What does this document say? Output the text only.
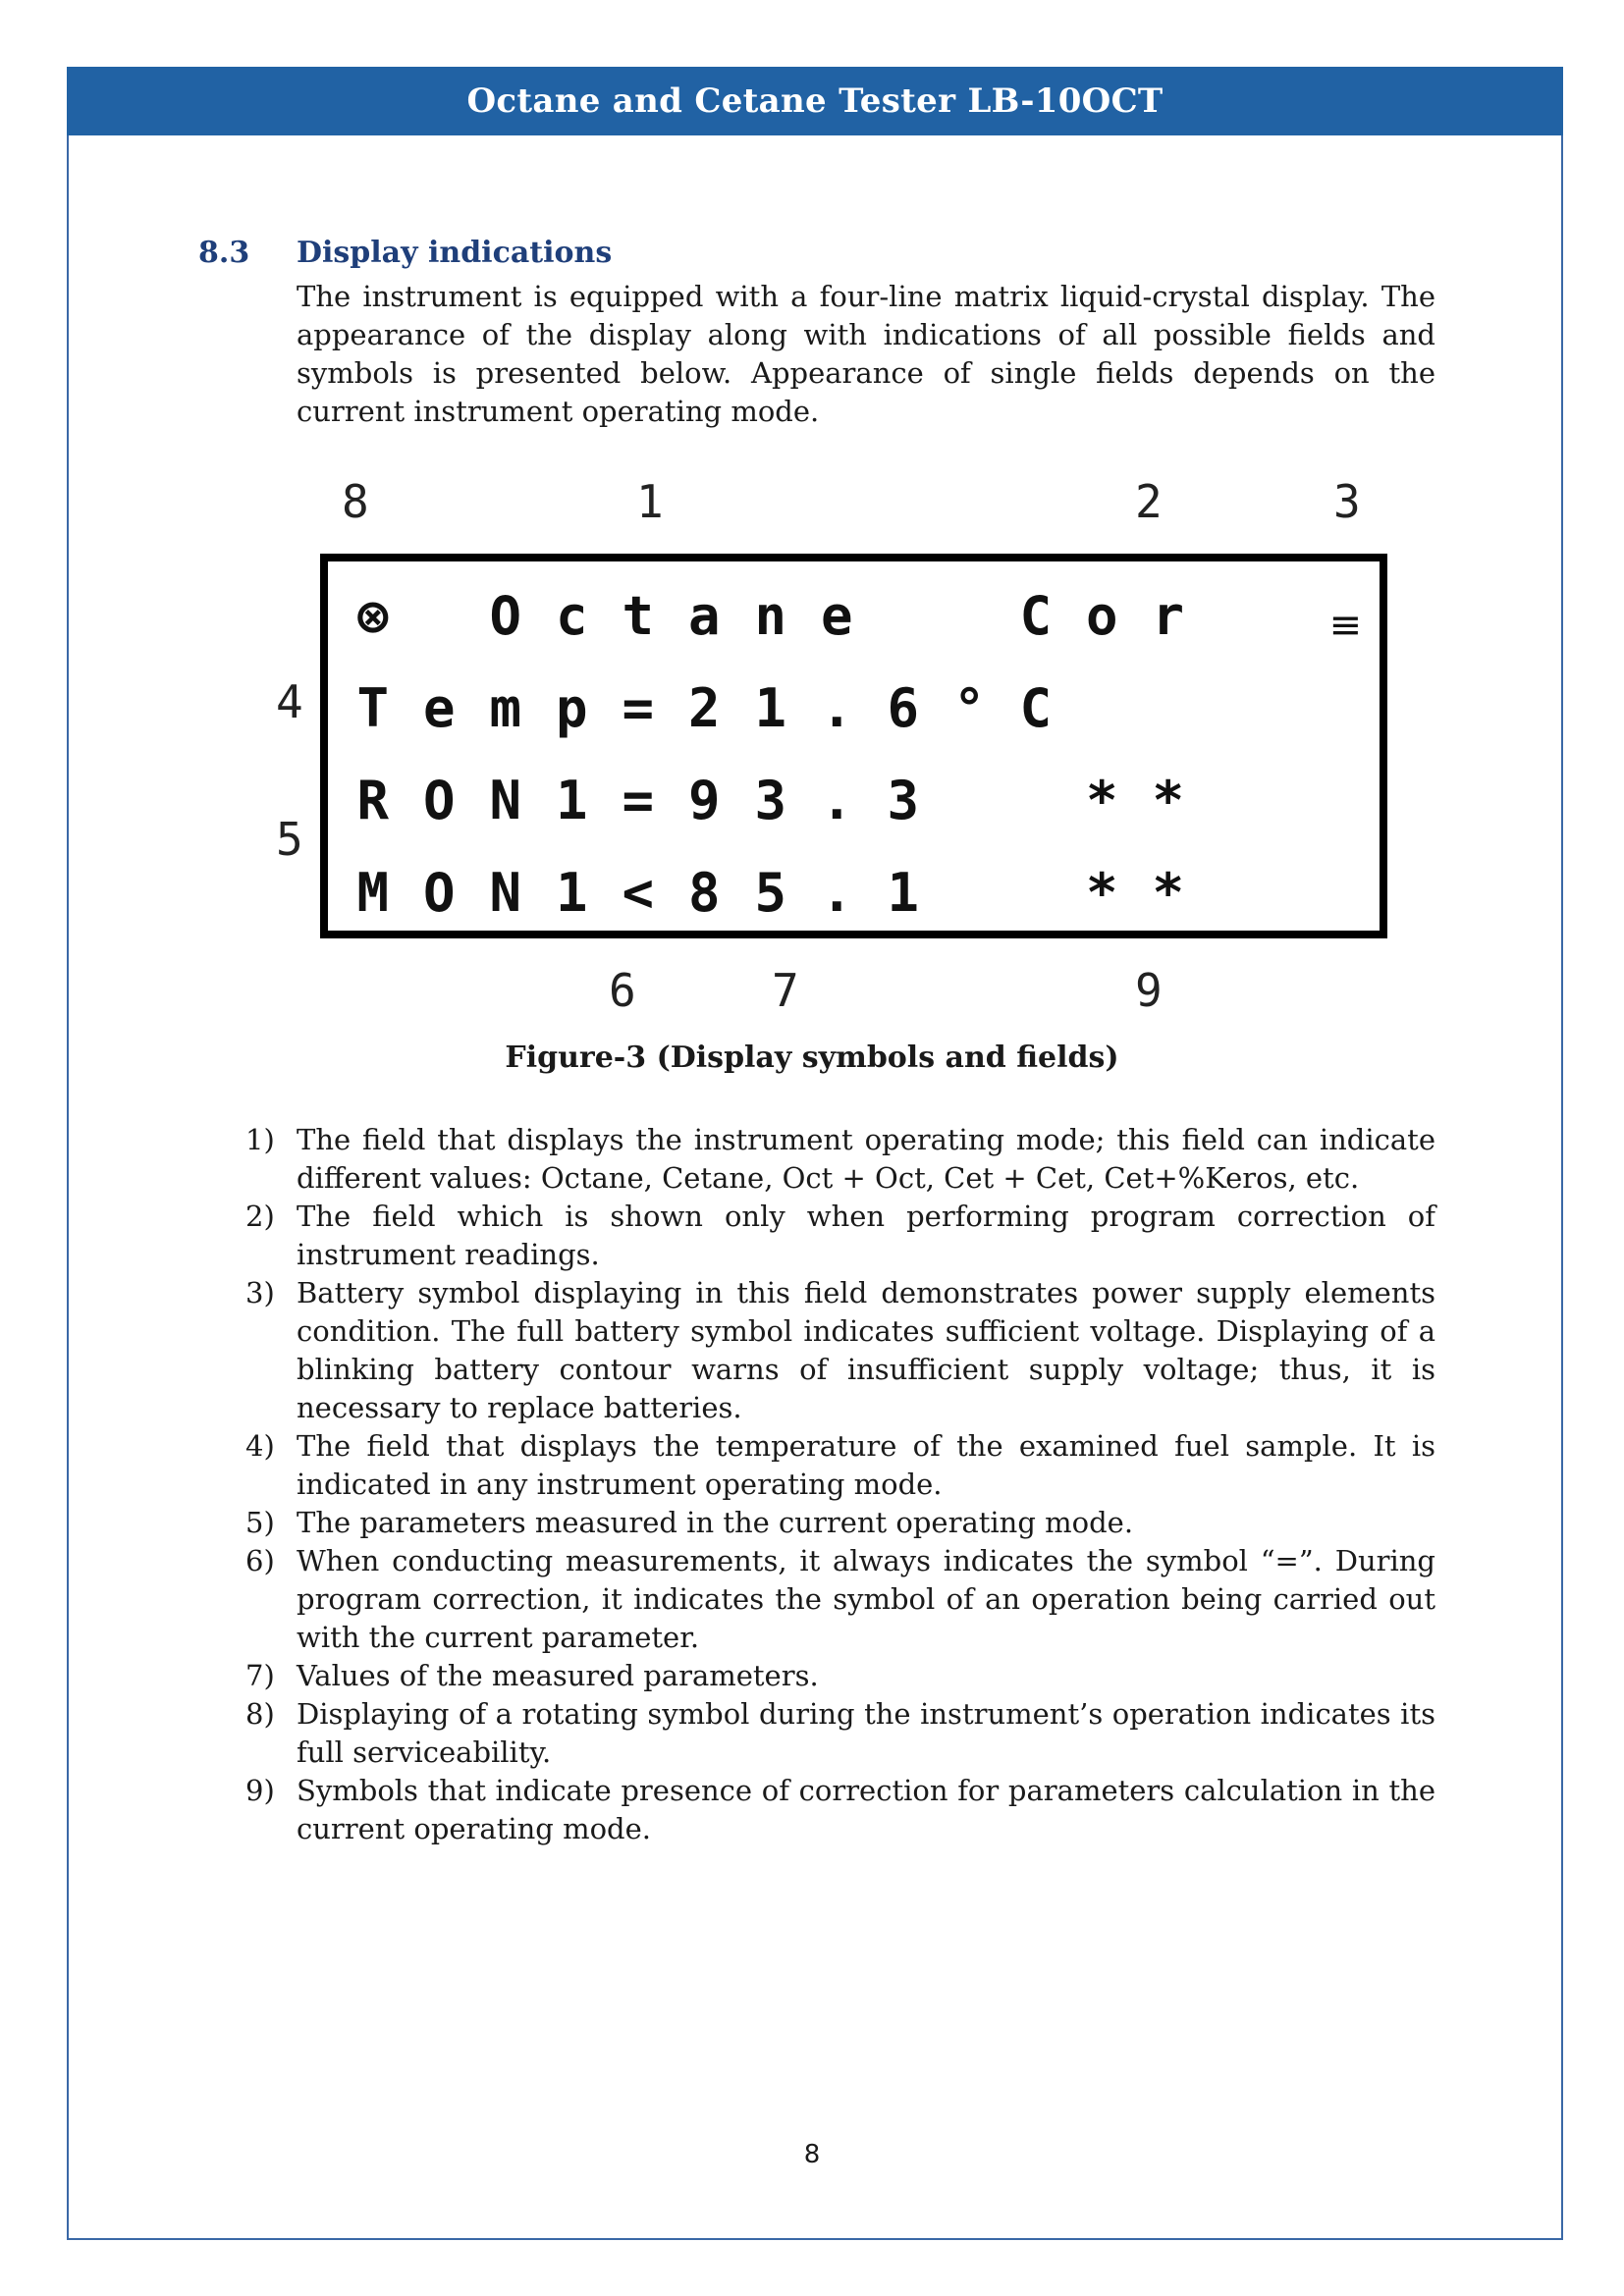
Octane and Cetane Tester LB-10OCT
8.3 Display indications
The instrument is equipped with a four-line matrix liquid-crystal display. The appearance of the display along with indications of all possible fields and symbols is presented below. Appearance of single fields depends on the current instrument operating mode.
8	1	2	3
4
5
6	7	9
⊗	O c t a n e	C o r	≡
T e m p = 2 1 . 6 ° C
R O N 1 = 9 3 . 3	* *
M O N 1 < 8 5 . 1	* *
Figure-3 (Display symbols and fields)
1) The field that displays the instrument operating mode; this field can indicate different values: Octane, Cetane, Oct + Oct, Cet + Cet, Cet+%Keros, etc.
2) The field which is shown only when performing program correction of instrument readings.
3) Battery symbol displaying in this field demonstrates power supply elements condition. The full battery symbol indicates sufficient voltage. Displaying of a blinking battery contour warns of insufficient supply voltage; thus, it is necessary to replace batteries.
4) The field that displays the temperature of the examined fuel sample. It is indicated in any instrument operating mode.
5) The parameters measured in the current operating mode.
6) When conducting measurements, it always indicates the symbol “=”. During program correction, it indicates the symbol of an operation being carried out with the current parameter.
7) Values of the measured parameters.
8) Displaying of a rotating symbol during the instrument’s operation indicates its full serviceability.
9) Symbols that indicate presence of correction for parameters calculation in the current operating mode.
8
